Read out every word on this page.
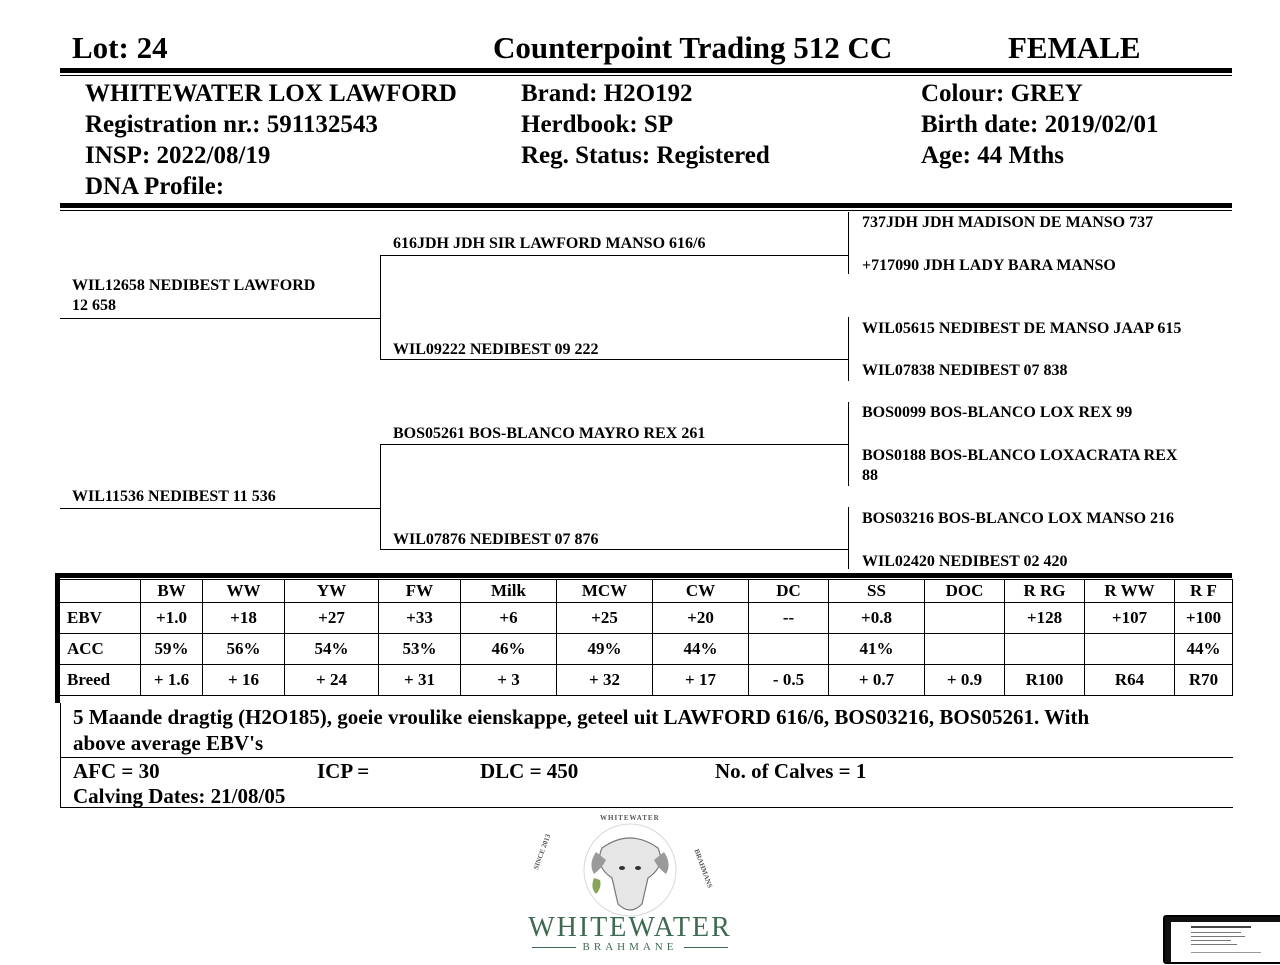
Lot: 24	Counterpoint Trading 512 CC	FEMALE
WHITEWATER LOX LAWFORD
Registration nr.: 591132543
INSP: 2022/08/19
DNA Profile:
Brand: H2O192
Herdbook: SP
Reg. Status: Registered
Colour: GREY
Birth date: 2019/02/01
Age: 44 Mths
WIL12658 NEDIBEST LAWFORD
12 658
WIL11536 NEDIBEST 11 536
616JDH JDH SIR LAWFORD MANSO 616/6
WIL09222 NEDIBEST 09 222
BOS05261 BOS-BLANCO MAYRO REX 261
WIL07876 NEDIBEST 07 876
737JDH JDH MADISON DE MANSO 737
+717090 JDH LADY BARA MANSO
WIL05615 NEDIBEST DE MANSO JAAP 615
WIL07838 NEDIBEST 07 838
BOS0099 BOS-BLANCO LOX REX 99
BOS0188 BOS-BLANCO LOXACRATA REX
88
BOS03216 BOS-BLANCO LOX MANSO 216
WIL02420 NEDIBEST 02 420
	BW	WW	YW	FW	Milk	MCW	CW	DC	SS	DOC	R RG	R WW	R F
EBV	+1.0	+18	+27	+33	+6	+25	+20	--	+0.8		+128	+107	+100
ACC	59%	56%	54%	53%	46%	49%	44%		41%				44%
Breed	+ 1.6	+ 16	+ 24	+ 31	+ 3	+ 32	+ 17	- 0.5	+ 0.7	+ 0.9	R100	R64	R70
5 Maande dragtig (H2O185), goeie vroulike eienskappe, geteel uit LAWFORD 616/6, BOS03216, BOS05261. With
above average EBV's
AFC = 30	ICP =	DLC = 450	No. of Calves = 1
Calving Dates: 21/08/05
SINCE 2013
WHITEWATER
BRAHMANS
WHITEWATER
BRAHMANE
